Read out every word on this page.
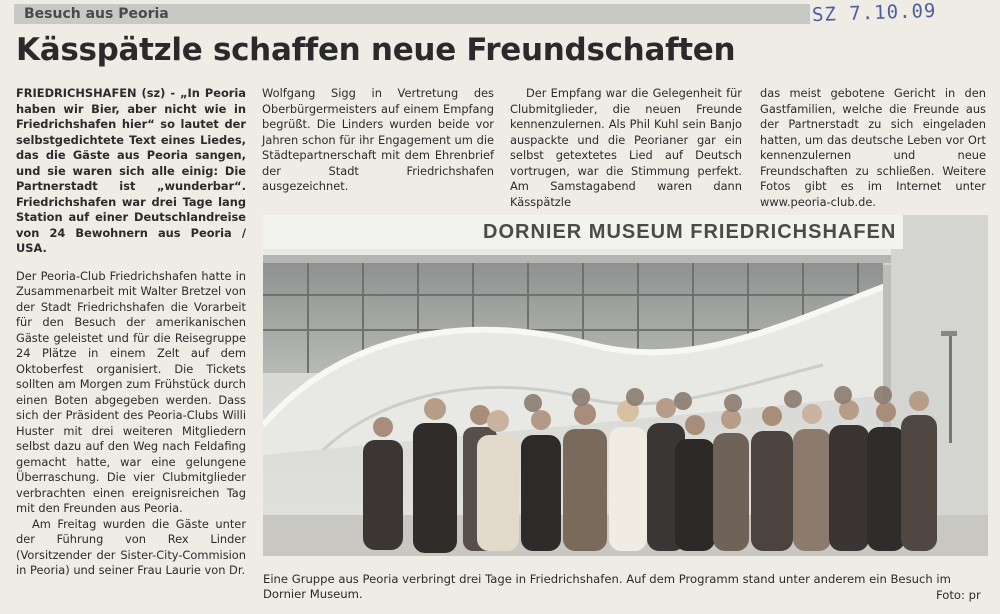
Besuch aus Peoria	SZ 7.10.09
Kässpätzle schaffen neue Freundschaften

FRIEDRICHSHAFEN (sz) - „In Peoria haben wir Bier, aber nicht wie in Friedrichshafen hier“ so lautet der selbstgedichtete Text eines Liedes, das die Gäste aus Peoria sangen, und sie waren sich alle einig: Die Partnerstadt ist „wunderbar“. Friedrichshafen war drei Tage lang Station auf einer Deutschlandreise von 24 Bewohnern aus Peoria / USA.

Der Peoria-Club Friedrichshafen hatte in Zusammenarbeit mit Walter Bretzel von der Stadt Friedrichshafen die Vorarbeit für den Besuch der amerikanischen Gäste geleistet und für die Reisegruppe 24 Plätze in einem Zelt auf dem Oktoberfest organisiert. Die Tickets sollten am Morgen zum Frühstück durch einen Boten abgegeben werden. Dass sich der Präsident des Peoria-Clubs Willi Huster mit drei weiteren Mitgliedern selbst dazu auf den Weg nach Feldafing gemacht hatte, war eine gelungene Überraschung. Die vier Clubmitglieder verbrachten einen ereignisreichen Tag mit den Freunden aus Peoria.

Am Freitag wurden die Gäste unter der Führung von Rex Linder (Vorsitzender der Sister-City-Commision in Peoria) und seiner Frau Laurie von Dr.

Wolfgang Sigg in Vertretung des Oberbürgermeisters auf einem Empfang begrüßt. Die Linders wurden beide vor Jahren schon für ihr Engagement um die Städtepartnerschaft mit dem Ehrenbrief der Stadt Friedrichshafen ausgezeichnet.

Der Empfang war die Gelegenheit für Clubmitglieder, die neuen Freunde kennenzulernen. Als Phil Kuhl sein Banjo auspackte und die Peorianer gar ein selbst getextetes Lied auf Deutsch vortrugen, war die Stimmung perfekt. Am Samstagabend waren dann Kässpätzle

das meist gebotene Gericht in den Gastfamilien, welche die Freunde aus der Partnerstadt zu sich eingeladen hatten, um das deutsche Leben vor Ort kennenzulernen und neue Freundschaften zu schließen. Weitere Fotos gibt es im Internet unter www.peoria-club.de.

DORNIER MUSEUM FRIEDRICHSHAFEN
Eine Gruppe aus Peoria verbringt drei Tage in Friedrichshafen. Auf dem Programm stand unter anderem ein Besuch im Dornier Museum.	Foto: pr
